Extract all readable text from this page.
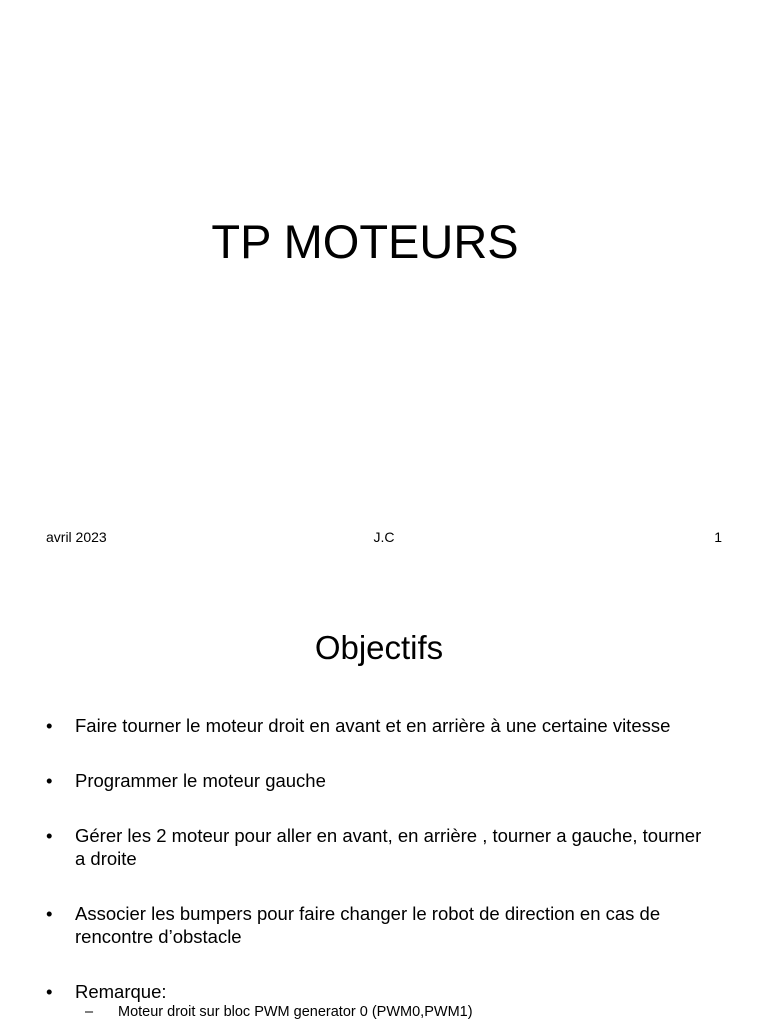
TP MOTEURS
avril 2023	J.C	1
Objectifs
• Faire tourner le moteur droit en avant et en arrière à une certaine vitesse
• Programmer le moteur gauche
• Gérer les 2 moteur pour aller en avant, en arrière , tourner a gauche, tourner a droite
• Associer les bumpers pour faire changer le robot de direction en cas de rencontre d’obstacle
• Remarque:
– Moteur droit sur bloc PWM generator 0 (PWM0,PWM1)
